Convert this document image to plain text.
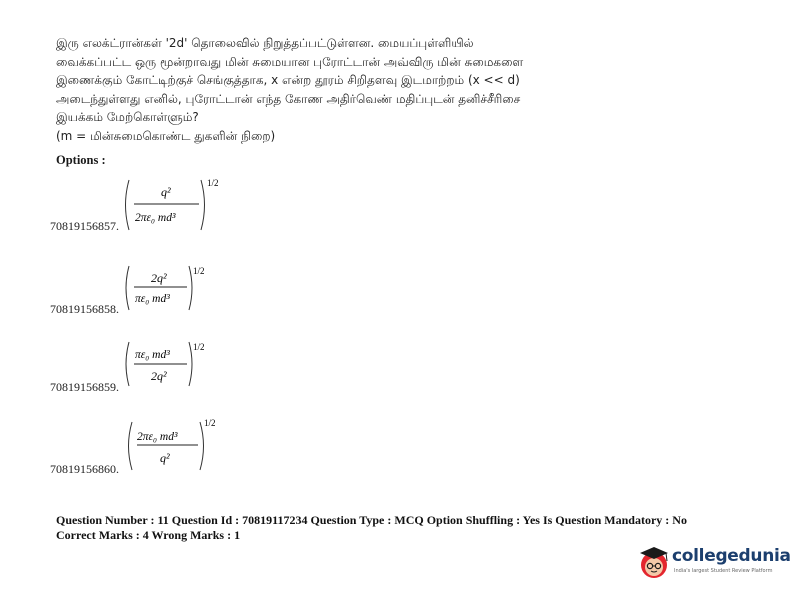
இரு எலக்ட்ரான்கள் '2d' தொலைவில் நிறுத்தப்பட்டுள்ளன. மையப்புள்ளியில்
வைக்கப்பட்ட ஒரு மூன்றாவது மின் சுமையான புரோட்டான் அவ்விரு மின் சுமைகளை
இணைக்கும் கோட்டிற்குச் செங்குத்தாக, x என்ற தூரம் சிறிதளவு இடமாற்றம் (x << d)
அடைந்துள்ளது எனில், புரோட்டான் எந்த கோண அதிர்வெண் மதிப்புடன் தனிச்சீரிசை
இயக்கம் மேற்கொள்ளும்?
(m = மின்சுமைகொண்ட துகளின் நிறை)
Options :
70819156857.
q²
2πε₀ md³
1/2
70819156858.
2q²
πε₀ md³
1/2
70819156859.
πε₀ md³
2q²
1/2
70819156860.
2πε₀ md³
q²
1/2
Question Number : 11 Question Id : 70819117234 Question Type : MCQ Option Shuffling : Yes Is Question Mandatory : No
Correct Marks : 4 Wrong Marks : 1
collegedunia
India's largest Student Review Platform
